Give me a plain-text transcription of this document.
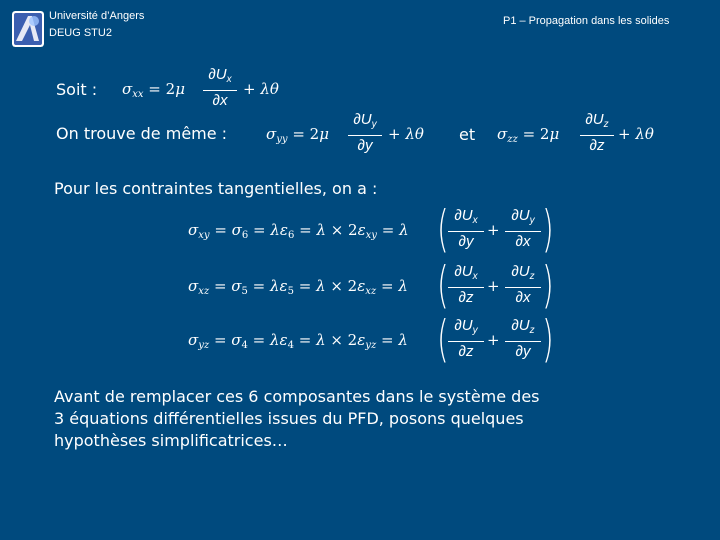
Université d’Angers
DEUG STU2
P1 – Propagation dans les solides
Soit : $\sigma_{xx} = 2\mu$
$\partial U_x$
∂x
+ λθ
On trouve de même :	$\sigma_{yy} = 2\mu$
$\partial U_y$
∂y
+ λθ et $\sigma_{zz} = 2\mu$
$\partial U_z$
∂z
+ λθ
Pour les contraintes tangentielles, on a :
$\sigma_{xy} = \sigma_6 = \lambda\varepsilon_6 = \lambda \times 2\varepsilon_{xy} = \lambda$ ( $\partial U_x$
∂y
+
$\partial U_y$
∂x )
$\sigma_{xz} = \sigma_5 = \lambda\varepsilon_5 = \lambda \times 2\varepsilon_{xz} = \lambda$ ( $\partial U_x$
∂z
+
$\partial U_z$
∂x )
$\sigma_{yz} = \sigma_4 = \lambda\varepsilon_4 = \lambda \times 2\varepsilon_{yz} = \lambda$ ( $\partial U_y$
∂z
+
$\partial U_z$
∂y )
Avant de remplacer ces 6 composantes dans le système des
3 équations différentielles issues du PFD, posons quelques
hypothèses simplificatrices…
